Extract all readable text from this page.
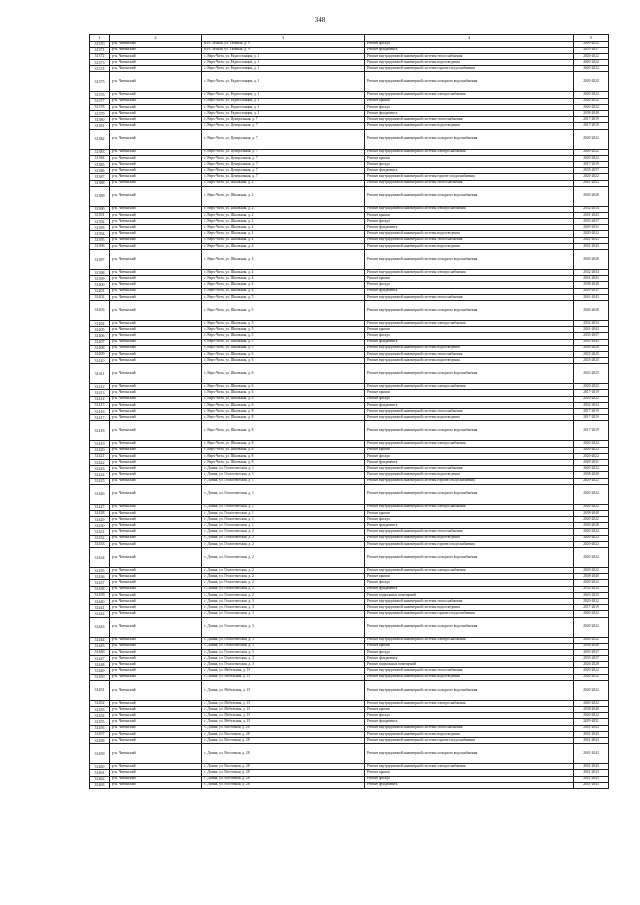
348
1	2	3	4	5
31370	р-н. Читинский	п/ст. Лесная, ул. Таежная, д. 9	Ремонт фасада	2020-2022
31371	р-н. Читинский	п/ст. Лесная, ул. Таежная, д. 9	Ремонт фундамента	2035-2037
31372	р-н. Читинский	с. Верх-Чита, ул. Радиостанция, д. 1	Ремонт внутридомовой инженерной системы теплоснабжения	2020-2022
31373	р-н. Читинский	с. Верх-Чита, ул. Радиостанция, д. 1	Ремонт внутридомовой инженерной системы водоотведения	2020-2022
31374	р-н. Читинский	с. Верх-Чита, ул. Радиостанция, д. 1	Ремонт внутридомовой инженерной системы горячего водоснабжения	2020-2022
31375	р-н. Читинский	с. Верх-Чита, ул. Радиостанция, д. 1	Ремонт внутридомовой инженерной системы холодного водоснабжения	2020-2022
31376	р-н. Читинский	с. Верх-Чита, ул. Радиостанция, д. 1	Ремонт внутридомовой инженерной системы электроснабжения	2020-2022
31377	р-н. Читинский	с. Верх-Чита, ул. Радиостанция, д. 1	Ремонт крыши	2020-2022
31378	р-н. Читинский	с. Верх-Чита, ул. Радиостанция, д. 1	Ремонт фасада	2020-2022
31379	р-н. Читинский	с. Верх-Чита, ул. Радиостанция, д. 1	Ремонт фундамента	2038-2040
31380	р-н. Читинский	с. Верх-Чита, ул. Центральная, д. 7	Ремонт внутридомовой инженерной системы теплоснабжения	2017-2019
31381	р-н. Читинский	с. Верх-Чита, ул. Центральная, д. 7	Ремонт внутридомовой инженерной системы водоотведения	2017-2019
31382	р-н. Читинский	с. Верх-Чита, ул. Центральная, д. 7	Ремонт внутридомовой инженерной системы холодного водоснабжения	2020-2022
31383	р-н. Читинский	с. Верх-Чита, ул. Центральная, д. 7	Ремонт внутридомовой инженерной системы электроснабжения	2020-2022
31384	р-н. Читинский	с. Верх-Чита, ул. Центральная, д. 7	Ремонт крыши	2020-2022
31385	р-н. Читинский	с. Верх-Чита, ул. Центральная, д. 7	Ремонт фасада	2017-2019
31386	р-н. Читинский	с. Верх-Чита, ул. Центральная, д. 7	Ремонт фундамента	2035-2037
31387	р-н. Читинский	с. Верх-Чита, ул. Центральная, д. 7	Ремонт внутридомовой инженерной системы горячего водоснабжения	2020-2022
31388	р-н. Читинский	с. Верх-Чита, ул. Школьная, д. 2	Ремонт внутридомовой инженерной системы теплоснабжения	2041-2043
31389	р-н. Читинский	с. Верх-Чита, ул. Школьная, д. 2	Ремонт внутридомовой инженерной системы холодного водоснабжения	2026-2028
31390	р-н. Читинский	с. Верх-Чита, ул. Школьная, д. 2	Ремонт внутридомовой инженерной системы электроснабжения	2032-2034
31391	р-н. Читинский	с. Верх-Чита, ул. Школьная, д. 2	Ремонт крыши	2041-2043
31392	р-н. Читинский	с. Верх-Чита, ул. Школьная, д. 2	Ремонт фасада	2035-2037
31393	р-н. Читинский	с. Верх-Чита, ул. Школьная, д. 2	Ремонт фундамента	2029-2031
31394	р-н. Читинский	с. Верх-Чита, ул. Школьная, д. 2	Ремонт внутридомовой инженерной системы водоотведения	2020-2022
31395	р-н. Читинский	с. Верх-Чита, ул. Школьная, д. 4	Ремонт внутридомовой инженерной системы теплоснабжения	2041-2043
31396	р-н. Читинский	с. Верх-Чита, ул. Школьная, д. 4	Ремонт внутридомовой инженерной системы водоотведения	2041-2043
31397	р-н. Читинский	с. Верх-Чита, ул. Школьная, д. 4	Ремонт внутридомовой инженерной системы холодного водоснабжения	2026-2028
31398	р-н. Читинский	с. Верх-Чита, ул. Школьная, д. 4	Ремонт внутридомовой инженерной системы электроснабжения	2032-2034
31399	р-н. Читинский	с. Верх-Чита, ул. Школьная, д. 4	Ремонт крыши	2041-2043
31400	р-н. Читинский	с. Верх-Чита, ул. Школьная, д. 4	Ремонт фасада	2038-2040
31401	р-н. Читинский	с. Верх-Чита, ул. Школьная, д. 4	Ремонт фундамента	2029-2031
31402	р-н. Читинский	с. Верх-Чита, ул. Школьная, д. 5	Ремонт внутридомовой инженерной системы теплоснабжения	2041-2043
31403	р-н. Читинский	с. Верх-Чита, ул. Школьная, д. 5	Ремонт внутридомовой инженерной системы холодного водоснабжения	2026-2028
31404	р-н. Читинский	с. Верх-Чита, ул. Школьная, д. 5	Ремонт внутридомовой инженерной системы электроснабжения	2032-2034
31405	р-н. Читинский	с. Верх-Чита, ул. Школьная, д. 5	Ремонт крыши	2041-2043
31406	р-н. Читинский	с. Верх-Чита, ул. Школьная, д. 5	Ремонт фасада	2035-2037
31407	р-н. Читинский	с. Верх-Чита, ул. Школьная, д. 5	Ремонт фундамента	2041-2043
31408	р-н. Читинский	с. Верх-Чита, ул. Школьная, д. 5	Ремонт внутридомовой инженерной системы водоотведения	2026-2028
31409	р-н. Читинский	с. Верх-Чита, ул. Школьная, д. 6	Ремонт внутридомовой инженерной системы теплоснабжения	2023-2025
31410	р-н. Читинский	с. Верх-Чита, ул. Школьная, д. 6	Ремонт внутридомовой инженерной системы водоотведения	2023-2025
31411	р-н. Читинский	с. Верх-Чита, ул. Школьная, д. 6	Ремонт внутридомовой инженерной системы холодного водоснабжения	2023-2025
31412	р-н. Читинский	с. Верх-Чита, ул. Школьная, д. 6	Ремонт внутридомовой инженерной системы электроснабжения	2020-2022
31413	р-н. Читинский	с. Верх-Чита, ул. Школьная, д. 6	Ремонт крыши	2017-2019
31414	р-н. Читинский	с. Верх-Чита, ул. Школьная, д. 6	Ремонт фасада	2020-2022
31415	р-н. Читинский	с. Верх-Чита, ул. Школьная, д. 6	Ремонт фундамента	2032-2034
31416	р-н. Читинский	с. Верх-Чита, ул. Школьная, д. 8	Ремонт внутридомовой инженерной системы теплоснабжения	2017-2019
31417	р-н. Читинский	с. Верх-Чита, ул. Школьная, д. 8	Ремонт внутридомовой инженерной системы водоотведения	2017-2019
31418	р-н. Читинский	с. Верх-Чита, ул. Школьная, д. 8	Ремонт внутридомовой инженерной системы холодного водоснабжения	2017-2019
31419	р-н. Читинский	с. Верх-Чита, ул. Школьная, д. 8	Ремонт внутридомовой инженерной системы электроснабжения	2020-2022
31420	р-н. Читинский	с. Верх-Чита, ул. Школьная, д. 8	Ремонт крыши	2020-2022
31421	р-н. Читинский	с. Верх-Чита, ул. Школьная, д. 8	Ремонт фасада	2020-2022
31422	р-н. Читинский	с. Верх-Чита, ул. Школьная, д. 8	Ремонт фундамента	2029-2031
31423	р-н. Читинский	с. Домна, ул. Геологическая, д. 1	Ремонт внутридомовой инженерной системы теплоснабжения	2020-2022
31424	р-н. Читинский	с. Домна, ул. Геологическая, д. 1	Ремонт внутридомовой инженерной системы водоотведения	2038-2040
31425	р-н. Читинский	с. Домна, ул. Геологическая, д. 1	Ремонт внутридомовой инженерной системы горячего водоснабжения	2020-2022
31426	р-н. Читинский	с. Домна, ул. Геологическая, д. 1	Ремонт внутридомовой инженерной системы холодного водоснабжения	2020-2022
31427	р-н. Читинский	с. Домна, ул. Геологическая, д. 1	Ремонт внутридомовой инженерной системы электроснабжения	2020-2022
31428	р-н. Читинский	с. Домна, ул. Геологическая, д. 1	Ремонт крыши	2038-2040
31429	р-н. Читинский	с. Домна, ул. Геологическая, д. 1	Ремонт фасада	2020-2022
31430	р-н. Читинский	с. Домна, ул. Геологическая, д. 1	Ремонт фундамента	2026-2028
31431	р-н. Читинский	с. Домна, ул. Геологическая, д. 2	Ремонт внутридомовой инженерной системы теплоснабжения	2020-2022
31432	р-н. Читинский	с. Домна, ул. Геологическая, д. 2	Ремонт внутридомовой инженерной системы водоотведения	2020-2022
31433	р-н. Читинский	с. Домна, ул. Геологическая, д. 2	Ремонт внутридомовой инженерной системы горячего водоснабжения	2020-2022
31434	р-н. Читинский	с. Домна, ул. Геологическая, д. 2	Ремонт внутридомовой инженерной системы холодного водоснабжения	2020-2022
31435	р-н. Читинский	с. Домна, ул. Геологическая, д. 2	Ремонт внутридомовой инженерной системы электроснабжения	2020-2022
31436	р-н. Читинский	с. Домна, ул. Геологическая, д. 2	Ремонт крыши	2038-2040
31437	р-н. Читинский	с. Домна, ул. Геологическая, д. 2	Ремонт фасада	2020-2022
31438	р-н. Читинский	с. Домна, ул. Геологическая, д. 2	Ремонт фундамента	2032-2034
31439	р-н. Читинский	с. Домна, ул. Геологическая, д. 2	Ремонт подвальных помещений	2023-2025
31440	р-н. Читинский	с. Домна, ул. Геологическая, д. 3	Ремонт внутридомовой инженерной системы теплоснабжения	2020-2022
31441	р-н. Читинский	с. Домна, ул. Геологическая, д. 3	Ремонт внутридомовой инженерной системы водоотведения	2017-2019
31442	р-н. Читинский	с. Домна, ул. Геологическая, д. 3	Ремонт внутридомовой инженерной системы горячего водоснабжения	2020-2022
31443	р-н. Читинский	с. Домна, ул. Геологическая, д. 3	Ремонт внутридомовой инженерной системы холодного водоснабжения	2020-2022
31444	р-н. Читинский	с. Домна, ул. Геологическая, д. 3	Ремонт внутридомовой инженерной системы электроснабжения	2026-2022
31445	р-н. Читинский	с. Домна, ул. Геологическая, д. 3	Ремонт крыши	2038-2040
31446	р-н. Читинский	с. Домна, ул. Геологическая, д. 3	Ремонт фасада	2035-2037
31447	р-н. Читинский	с. Домна, ул. Геологическая, д. 3	Ремонт фундамента	2035-2037
31448	р-н. Читинский	с. Домна, ул. Геологическая, д. 3	Ремонт подвальных помещений	2026-2028
31449	р-н. Читинский	с. Домна, ул. Мебельная, д. 15	Ремонт внутридомовой инженерной системы теплоснабжения	2020-2022
31450	р-н. Читинский	с. Домна, ул. Мебельная, д. 15	Ремонт внутридомовой инженерной системы водоотведения	2020-2022
31451	р-н. Читинский	с. Домна, ул. Мебельная, д. 15	Ремонт внутридомовой инженерной системы холодного водоснабжения	2020-2022
31452	р-н. Читинский	с. Домна, ул. Мебельная, д. 15	Ремонт внутридомовой инженерной системы электроснабжения	2020-2022
31453	р-н. Читинский	с. Домна, ул. Мебельная, д. 15	Ремонт крыши	2038-2040
31454	р-н. Читинский	с. Домна, ул. Мебельная, д. 15	Ремонт фасада	2020-2022
31455	р-н. Читинский	с. Домна, ул. Мебельная, д. 15	Ремонт фундамента	2029-2031
31456	р-н. Читинский	с. Домна, ул. Восточная, д. 28	Ремонт внутридомовой инженерной системы теплоснабжения	2041-2043
31457	р-н. Читинский	с. Домна, ул. Восточная, д. 28	Ремонт внутридомовой инженерной системы водоотведения	2041-2043
31458	р-н. Читинский	с. Домна, ул. Восточная, д. 28	Ремонт внутридомовой инженерной системы горячего водоснабжения	2041-2043
31459	р-н. Читинский	с. Домна, ул. Восточная, д. 28	Ремонт внутридомовой инженерной системы холодного водоснабжения	2041-2043
31460	р-н. Читинский	с. Домна, ул. Восточная, д. 28	Ремонт внутридомовой инженерной системы электроснабжения	2041-2043
31461	р-н. Читинский	с. Домна, ул. Восточная, д. 28	Ремонт крыши	2041-2043
31462	р-н. Читинский	с. Домна, ул. Восточная, д. 28	Ремонт фасада	2041-2043
31463	р-н. Читинский	с. Домна, ул. Восточная, д. 28	Ремонт фундамента	2041-2043
